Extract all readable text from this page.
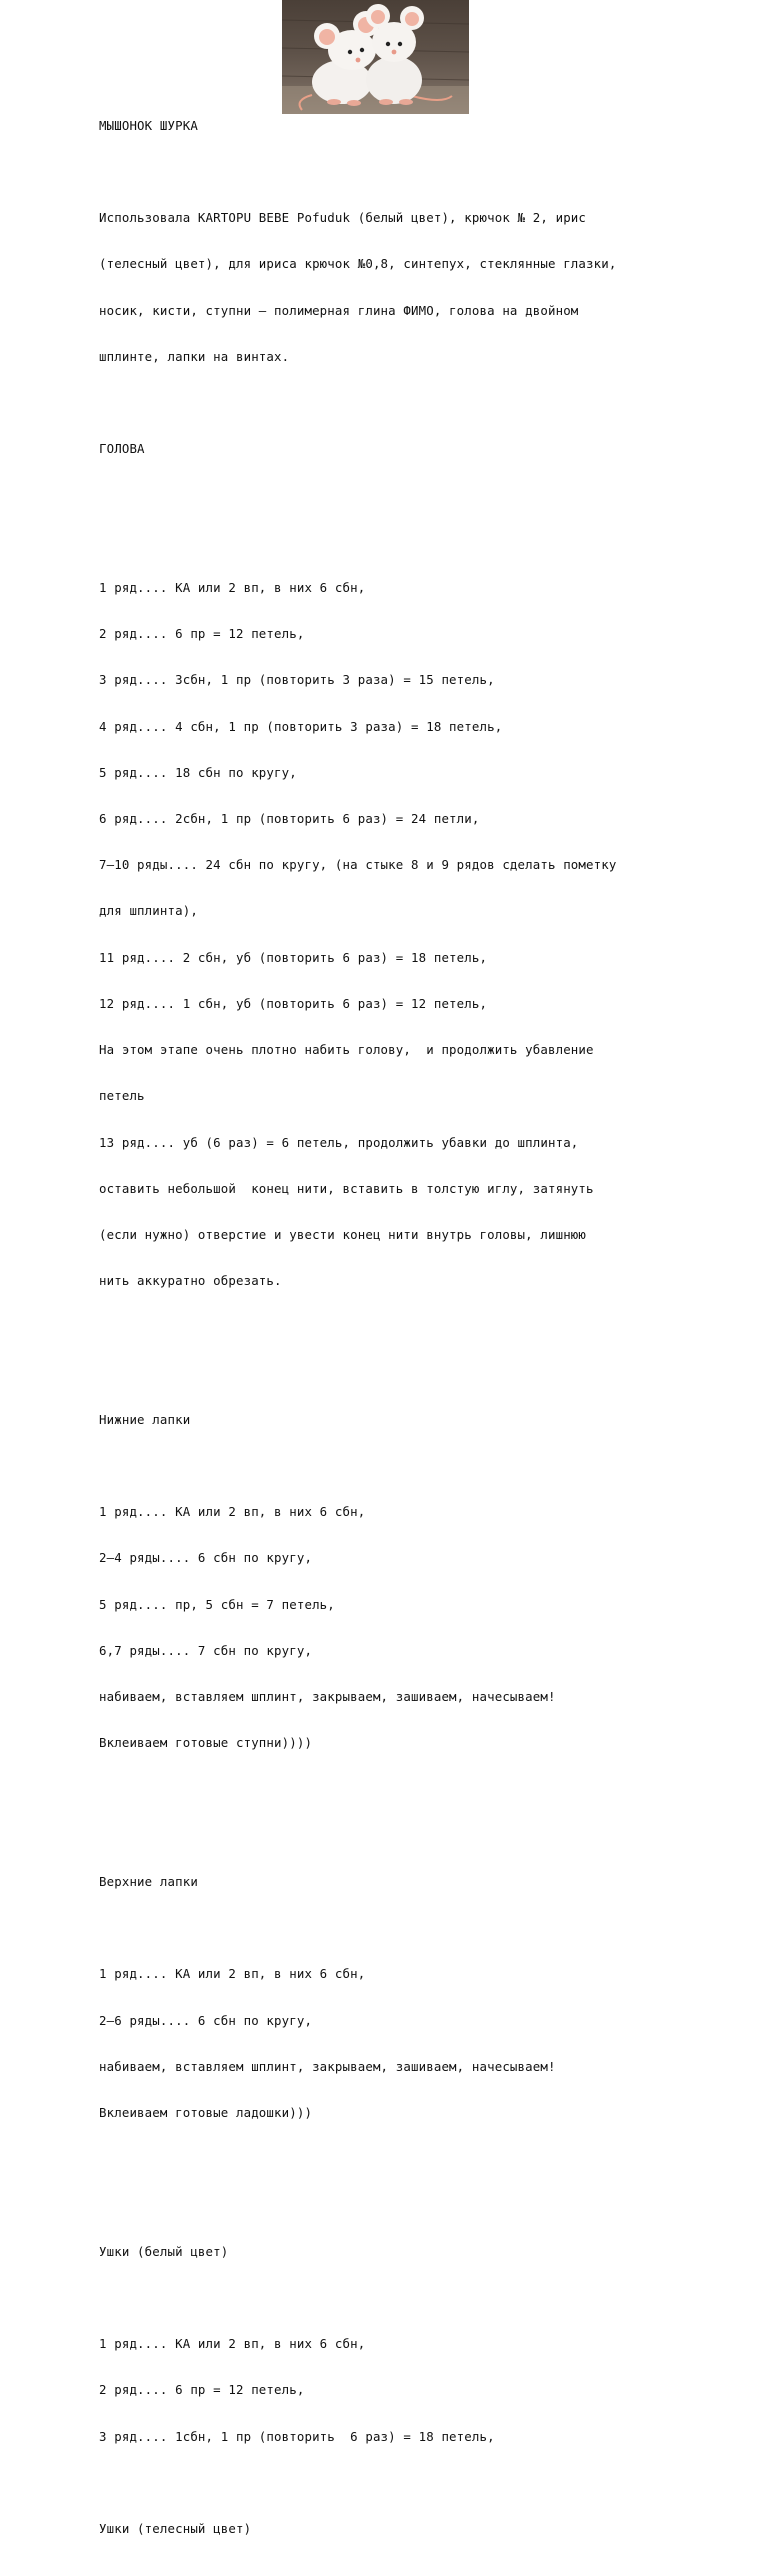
МЫШОНОК ШУРКА

Использовала KARTOPU BEBE Pofuduk (белый цвет), крючок № 2, ирис

(телесный цвет), для ириса крючок №0,8, синтепух, стеклянные глазки,

носик, кисти, ступни – полимерная глина ФИМО, голова на двойном

шплинте, лапки на винтах.

ГОЛОВА

1 ряд.... КА или 2 вп, в них 6 сбн,

2 ряд.... 6 пр = 12 петель,

3 ряд.... 3сбн, 1 пр (повторить 3 раза) = 15 петель,

4 ряд.... 4 сбн, 1 пр (повторить 3 раза) = 18 петель,

5 ряд.... 18 сбн по кругу,

6 ряд.... 2сбн, 1 пр (повторить 6 раз) = 24 петли,

7–10 ряды.... 24 сбн по кругу, (на стыке 8 и 9 рядов сделать пометку

для шплинта),

11 ряд.... 2 сбн, уб (повторить 6 раз) = 18 петель,

12 ряд.... 1 сбн, уб (повторить 6 раз) = 12 петель,

На этом этапе очень плотно набить голову,  и продолжить убавление

петель

13 ряд.... уб (6 раз) = 6 петель, продолжить убавки до шплинта,

оставить небольшой  конец нити, вставить в толстую иглу, затянуть

(если нужно) отверстие и увести конец нити внутрь головы, лишнюю

нить аккуратно обрезать.

Нижние лапки

1 ряд.... КА или 2 вп, в них 6 сбн,

2–4 ряды.... 6 сбн по кругу,

5 ряд.... пр, 5 сбн = 7 петель,

6,7 ряды.... 7 сбн по кругу,

набиваем, вставляем шплинт, закрываем, зашиваем, начесываем!

Вклеиваем готовые ступни))))

Верхние лапки

1 ряд.... КА или 2 вп, в них 6 сбн,

2–6 ряды.... 6 сбн по кругу,

набиваем, вставляем шплинт, закрываем, зашиваем, начесываем!

Вклеиваем готовые ладошки)))

Ушки (белый цвет)

1 ряд.... КА или 2 вп, в них 6 сбн,

2 ряд.... 6 пр = 12 петель,

3 ряд.... 1сбн, 1 пр (повторить  6 раз) = 18 петель,

Ушки (телесный цвет)
